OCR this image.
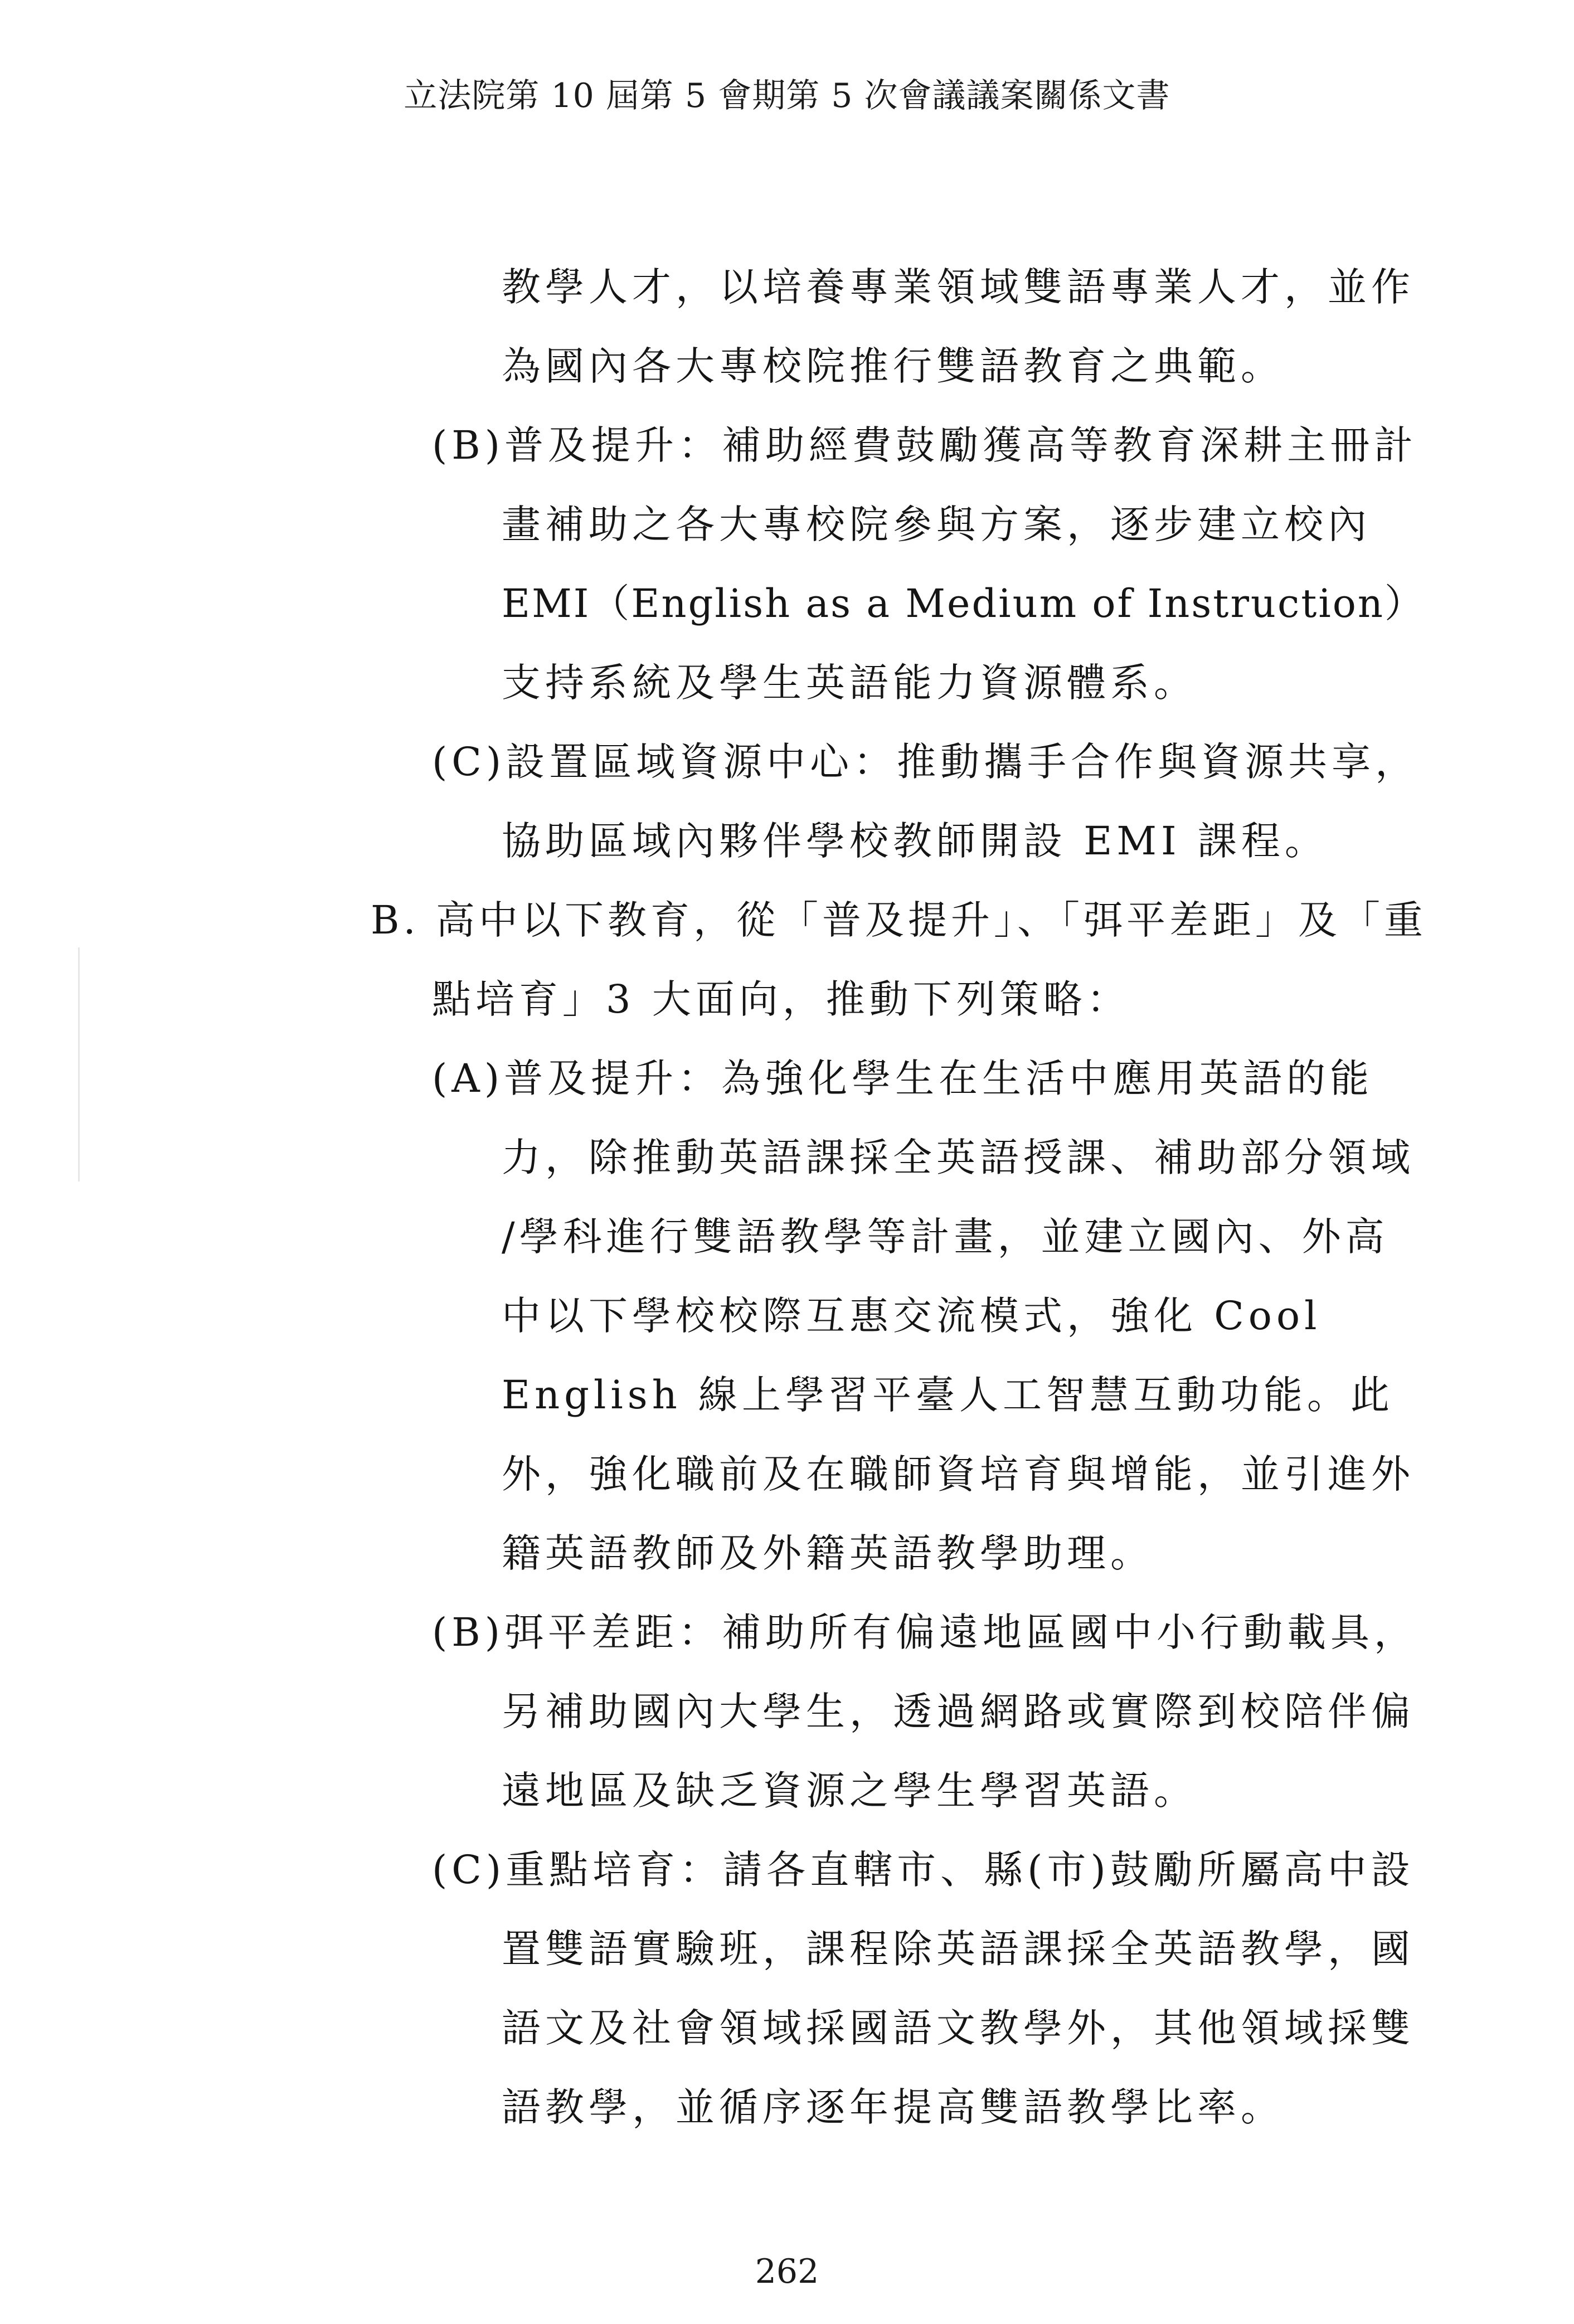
立法院第 10 屆第 5 會期第 5 次會議議案關係文書
教學人才，以培養專業領域雙語專業人才，並作
為國內各大專校院推行雙語教育之典範。
(B)普及提升：補助經費鼓勵獲高等教育深耕主冊計
畫補助之各大專校院參與方案，逐步建立校內
EMI（English as a Medium of Instruction）
支持系統及學生英語能力資源體系。
(C)設置區域資源中心：推動攜手合作與資源共享，
協助區域內夥伴學校教師開設 EMI 課程。
B. 高中以下教育，從「普及提升」、「弭平差距」及「重
點培育」3 大面向，推動下列策略：
(A)普及提升：為強化學生在生活中應用英語的能
力，除推動英語課採全英語授課、補助部分領域
/學科進行雙語教學等計畫，並建立國內、外高
中以下學校校際互惠交流模式，強化 Cool
English 線上學習平臺人工智慧互動功能。此
外，強化職前及在職師資培育與增能，並引進外
籍英語教師及外籍英語教學助理。
(B)弭平差距：補助所有偏遠地區國中小行動載具，
另補助國內大學生，透過網路或實際到校陪伴偏
遠地區及缺乏資源之學生學習英語。
(C)重點培育：請各直轄市、縣(市)鼓勵所屬高中設
置雙語實驗班，課程除英語課採全英語教學，國
語文及社會領域採國語文教學外，其他領域採雙
語教學，並循序逐年提高雙語教學比率。
262
